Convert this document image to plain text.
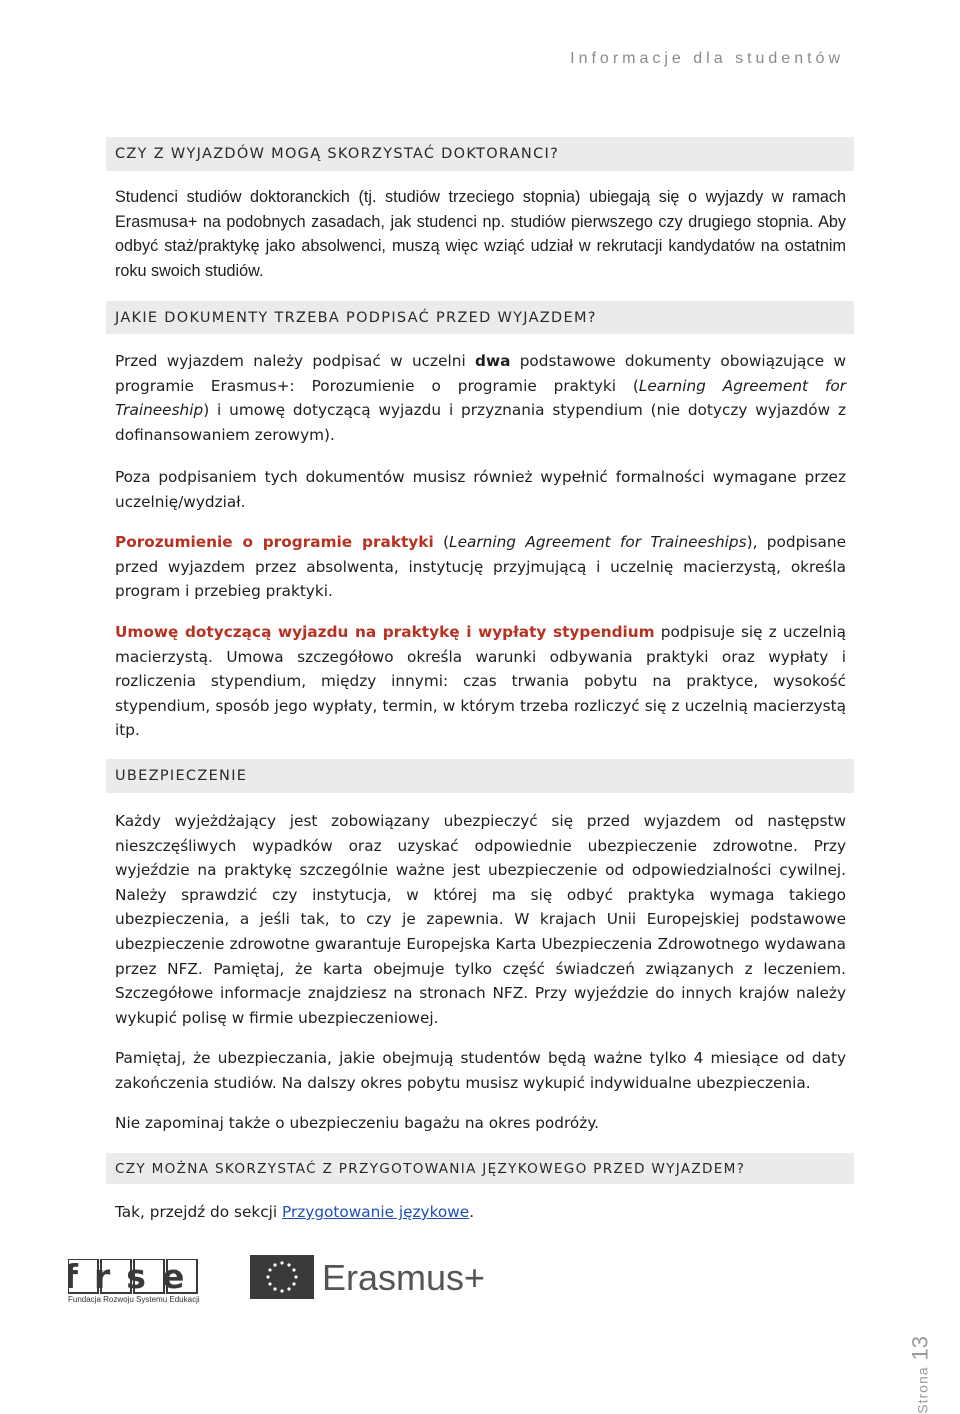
Informacje dla studentów
CZY Z WYJAZDÓW MOGĄ SKORZYSTAĆ DOKTORANCI?

Studenci studiów doktoranckich (tj. studiów trzeciego stopnia) ubiegają się o wyjazdy w ramach Erasmusa+ na podobnych zasadach, jak studenci np. studiów pierwszego czy drugiego stopnia. Aby odbyć staż/praktykę jako absolwenci, muszą więc wziąć udział w rekrutacji kandydatów na ostatnim roku swoich studiów.

JAKIE DOKUMENTY TRZEBA PODPISAĆ PRZED WYJAZDEM?

Przed wyjazdem należy podpisać w uczelni dwa podstawowe dokumenty obowiązujące w programie Erasmus+: Porozumienie o programie praktyki (Learning Agreement for Traineeship) i umowę dotyczącą wyjazdu i przyznania stypendium (nie dotyczy wyjazdów z dofinansowaniem zerowym).

Poza podpisaniem tych dokumentów musisz również wypełnić formalności wymagane przez uczelnię/wydział.

Porozumienie o programie praktyki (Learning Agreement for Traineeships), podpisane przed wyjazdem przez absolwenta, instytucję przyjmującą i uczelnię macierzystą, określa program i przebieg praktyki.

Umowę dotyczącą wyjazdu na praktykę i wypłaty stypendium podpisuje się z uczelnią macierzystą. Umowa szczegółowo określa warunki odbywania praktyki oraz wypłaty i rozliczenia stypendium, między innymi: czas trwania pobytu na praktyce, wysokość stypendium, sposób jego wypłaty, termin, w którym trzeba rozliczyć się z uczelnią macierzystą itp.

UBEZPIECZENIE

Każdy wyjeżdżający jest zobowiązany ubezpieczyć się przed wyjazdem od następstw nieszczęśliwych wypadków oraz uzyskać odpowiednie ubezpieczenie zdrowotne. Przy wyjeździe na praktykę szczególnie ważne jest ubezpieczenie od odpowiedzialności cywilnej. Należy sprawdzić czy instytucja, w której ma się odbyć praktyka wymaga takiego ubezpieczenia, a jeśli tak, to czy je zapewnia. W krajach Unii Europejskiej podstawowe ubezpieczenie zdrowotne gwarantuje Europejska Karta Ubezpieczenia Zdrowotnego wydawana przez NFZ. Pamiętaj, że karta obejmuje tylko część świadczeń związanych z leczeniem. Szczegółowe informacje znajdziesz na stronach NFZ. Przy wyjeździe do innych krajów należy wykupić polisę w firmie ubezpieczeniowej.

Pamiętaj, że ubezpieczania, jakie obejmują studentów będą ważne tylko 4 miesiące od daty zakończenia studiów. Na dalszy okres pobytu musisz wykupić indywidualne ubezpieczenia.

Nie zapominaj także o ubezpieczeniu bagażu na okres podróży.

CZY MOŻNA SKORZYSTAĆ Z PRZYGOTOWANIA JĘZYKOWEGO PRZED WYJAZDEM?

Tak, przejdź do sekcji Przygotowanie językowe.

frse
Fundacja Rozwoju Systemu Edukacji
Erasmus+
Strona13
